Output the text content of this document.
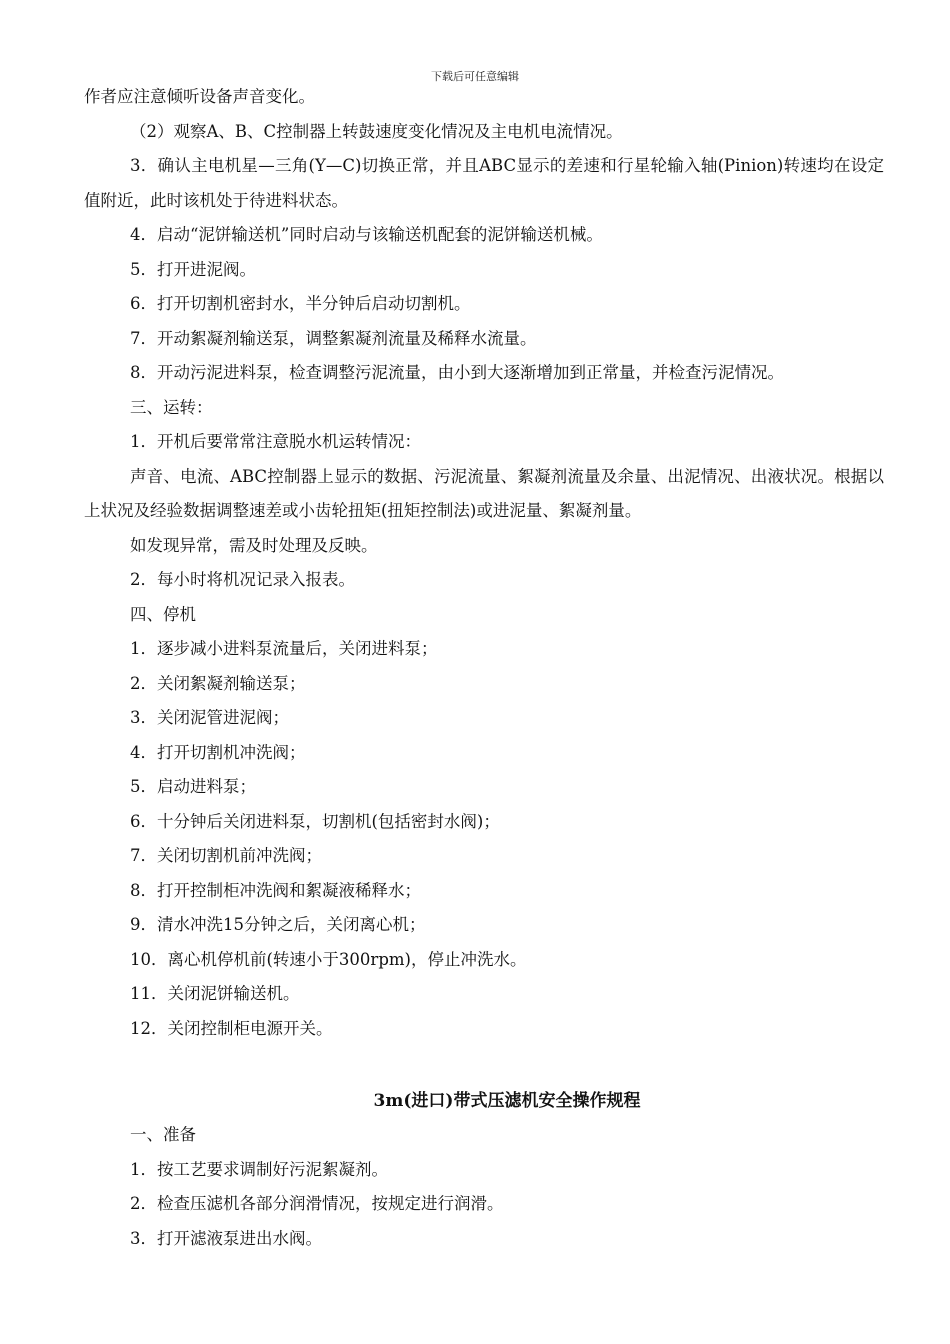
下载后可任意编辑

作者应注意倾听设备声音变化。

（2）观察A、B、C控制器上转鼓速度变化情况及主电机电流情况。

3．确认主电机星—三角(Y—C)切换正常，并且ABC显示的差速和行星轮输入轴(Pinion)转速均在设定值附近，此时该机处于待进料状态。

4．启动“泥饼输送机”同时启动与该输送机配套的泥饼输送机械。

5．打开进泥阀。

6．打开切割机密封水，半分钟后启动切割机。

7．开动絮凝剂输送泵，调整絮凝剂流量及稀释水流量。

8．开动污泥进料泵，检查调整污泥流量，由小到大逐渐增加到正常量，并检查污泥情况。

三、运转：

1．开机后要常常注意脱水机运转情况：

声音、电流、ABC控制器上显示的数据、污泥流量、絮凝剂流量及余量、出泥情况、出液状况。根据以上状况及经验数据调整速差或小齿轮扭矩(扭矩控制法)或进泥量、絮凝剂量。

如发现异常，需及时处理及反映。

2．每小时将机况记录入报表。

四、停机

1．逐步减小进料泵流量后，关闭进料泵；

2．关闭絮凝剂输送泵；

3．关闭泥管进泥阀；

4．打开切割机冲洗阀；

5．启动进料泵；

6．十分钟后关闭进料泵，切割机(包括密封水阀)；

7．关闭切割机前冲洗阀；

8．打开控制柜冲洗阀和絮凝液稀释水；

9．清水冲洗15分钟之后，关闭离心机；

10．离心机停机前(转速小于300rpm)，停止冲洗水。

11．关闭泥饼输送机。

12．关闭控制柜电源开关。

3m(进口)带式压滤机安全操作规程

一、准备

1．按工艺要求调制好污泥絮凝剂。

2．检查压滤机各部分润滑情况，按规定进行润滑。

3．打开滤液泵进出水阀。
